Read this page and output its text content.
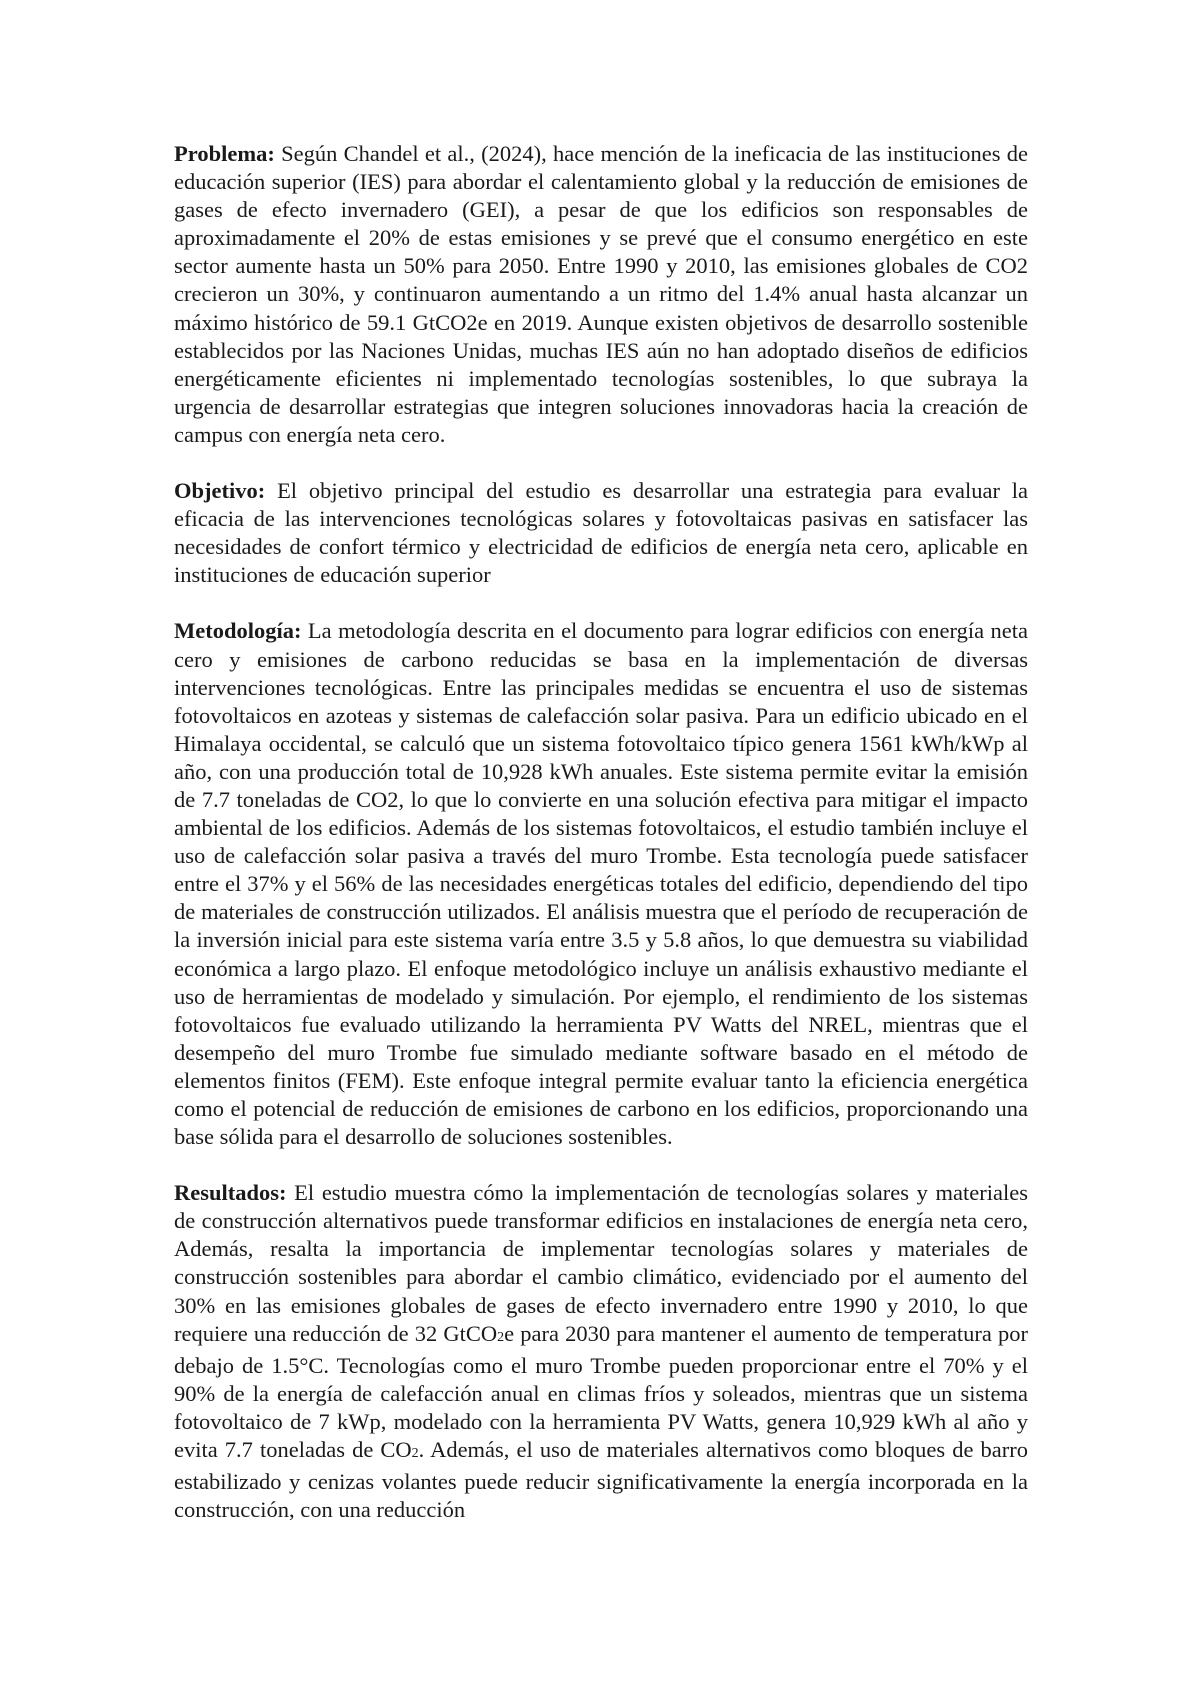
Problema: Según Chandel et al., (2024), hace mención de la ineficacia de las instituciones de educación superior (IES) para abordar el calentamiento global y la reducción de emisiones de gases de efecto invernadero (GEI), a pesar de que los edificios son responsables de aproximadamente el 20% de estas emisiones y se prevé que el consumo energético en este sector aumente hasta un 50% para 2050. Entre 1990 y 2010, las emisiones globales de CO2 crecieron un 30%, y continuaron aumentando a un ritmo del 1.4% anual hasta alcanzar un máximo histórico de 59.1 GtCO2e en 2019. Aunque existen objetivos de desarrollo sostenible establecidos por las Naciones Unidas, muchas IES aún no han adoptado diseños de edificios energéticamente eficientes ni implementado tecnologías sostenibles, lo que subraya la urgencia de desarrollar estrategias que integren soluciones innovadoras hacia la creación de campus con energía neta cero.

Objetivo: El objetivo principal del estudio es desarrollar una estrategia para evaluar la eficacia de las intervenciones tecnológicas solares y fotovoltaicas pasivas en satisfacer las necesidades de confort térmico y electricidad de edificios de energía neta cero, aplicable en instituciones de educación superior

Metodología: La metodología descrita en el documento para lograr edificios con energía neta cero y emisiones de carbono reducidas se basa en la implementación de diversas intervenciones tecnológicas. Entre las principales medidas se encuentra el uso de sistemas fotovoltaicos en azoteas y sistemas de calefacción solar pasiva. Para un edificio ubicado en el Himalaya occidental, se calculó que un sistema fotovoltaico típico genera 1561 kWh/kWp al año, con una producción total de 10,928 kWh anuales. Este sistema permite evitar la emisión de 7.7 toneladas de CO2, lo que lo convierte en una solución efectiva para mitigar el impacto ambiental de los edificios. Además de los sistemas fotovoltaicos, el estudio también incluye el uso de calefacción solar pasiva a través del muro Trombe. Esta tecnología puede satisfacer entre el 37% y el 56% de las necesidades energéticas totales del edificio, dependiendo del tipo de materiales de construcción utilizados. El análisis muestra que el período de recuperación de la inversión inicial para este sistema varía entre 3.5 y 5.8 años, lo que demuestra su viabilidad económica a largo plazo. El enfoque metodológico incluye un análisis exhaustivo mediante el uso de herramientas de modelado y simulación. Por ejemplo, el rendimiento de los sistemas fotovoltaicos fue evaluado utilizando la herramienta PV Watts del NREL, mientras que el desempeño del muro Trombe fue simulado mediante software basado en el método de elementos finitos (FEM). Este enfoque integral permite evaluar tanto la eficiencia energética como el potencial de reducción de emisiones de carbono en los edificios, proporcionando una base sólida para el desarrollo de soluciones sostenibles.

Resultados: El estudio muestra cómo la implementación de tecnologías solares y materiales de construcción alternativos puede transformar edificios en instalaciones de energía neta cero, Además, resalta la importancia de implementar tecnologías solares y materiales de construcción sostenibles para abordar el cambio climático, evidenciado por el aumento del 30% en las emisiones globales de gases de efecto invernadero entre 1990 y 2010, lo que requiere una reducción de 32 GtCO2e para 2030 para mantener el aumento de temperatura por debajo de 1.5°C. Tecnologías como el muro Trombe pueden proporcionar entre el 70% y el 90% de la energía de calefacción anual en climas fríos y soleados, mientras que un sistema fotovoltaico de 7 kWp, modelado con la herramienta PV Watts, genera 10,929 kWh al año y evita 7.7 toneladas de CO2. Además, el uso de materiales alternativos como bloques de barro estabilizado y cenizas volantes puede reducir significativamente la energía incorporada en la construcción, con una reducción
